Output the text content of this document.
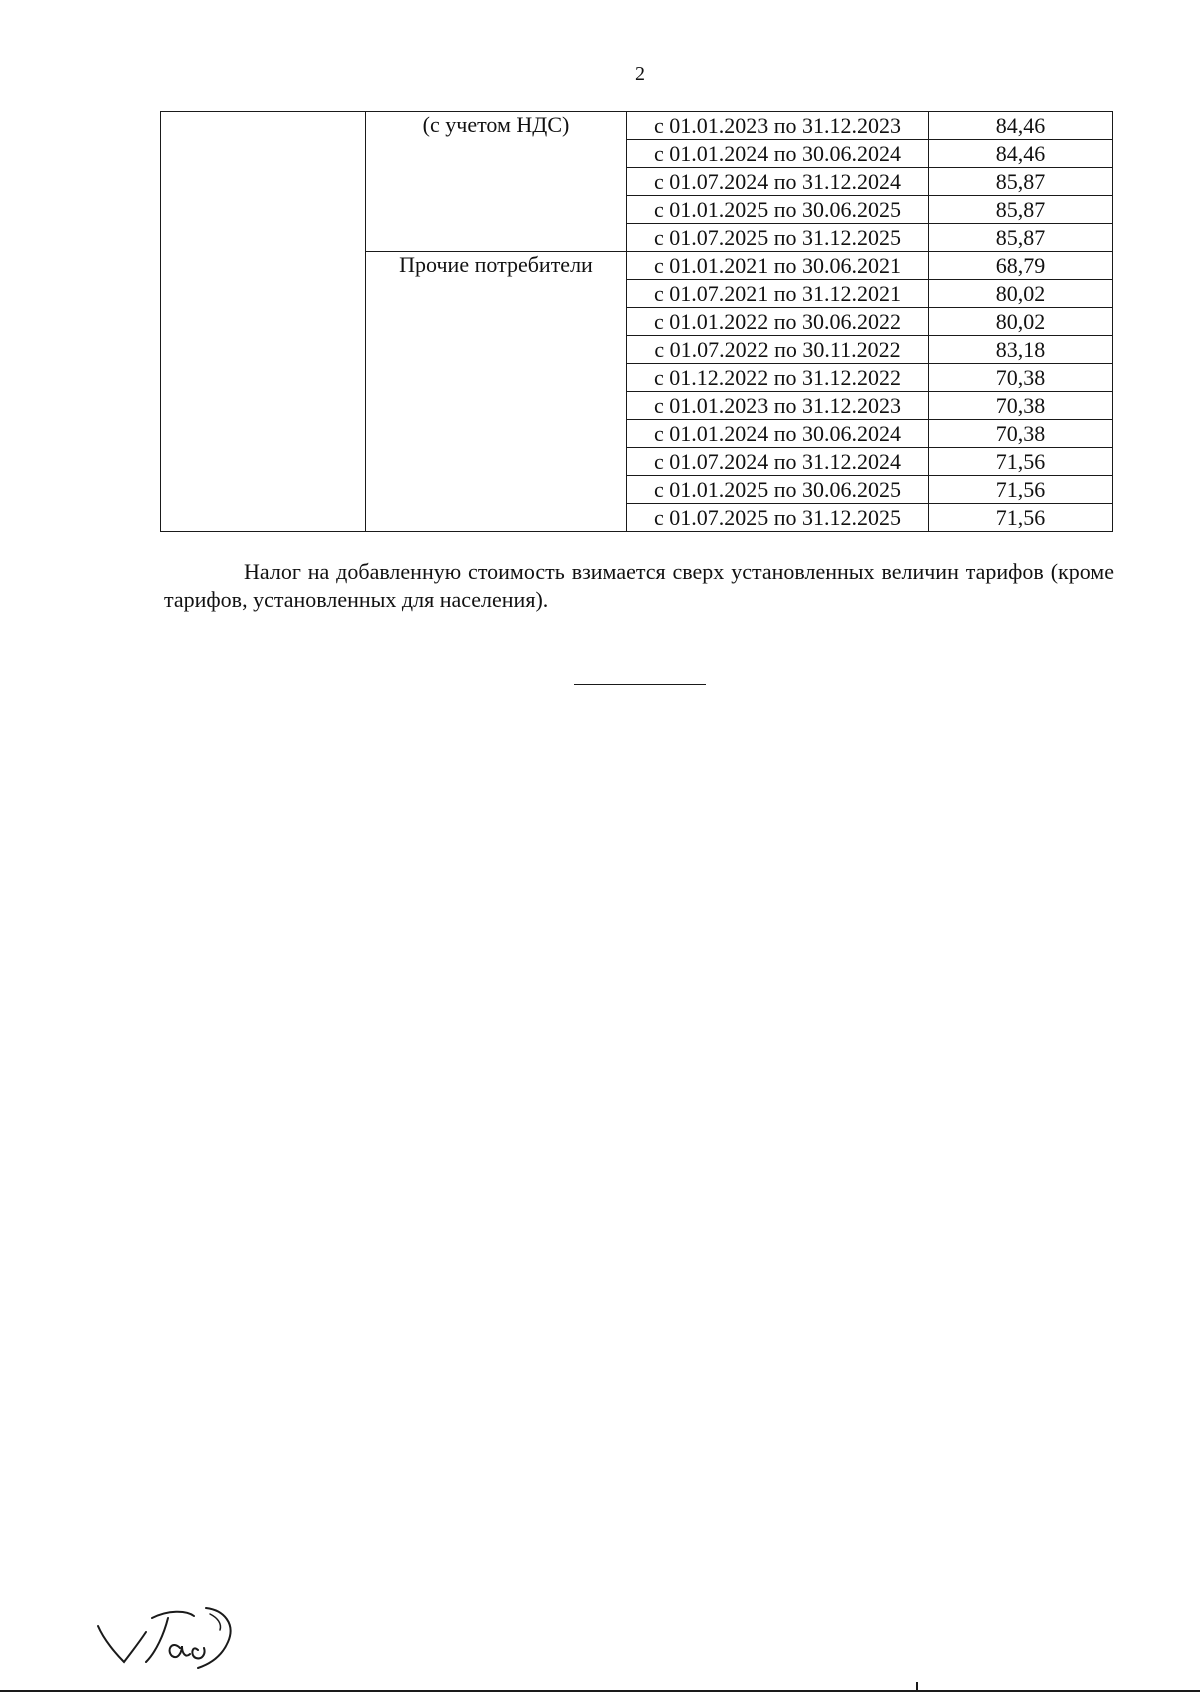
2
	(с учетом НДС)	с 01.01.2023 по 31.12.2023	84,46
		с 01.01.2024 по 30.06.2024	84,46
		с 01.07.2024 по 31.12.2024	85,87
		с 01.01.2025 по 30.06.2025	85,87
		с 01.07.2025 по 31.12.2025	85,87
	Прочие потребители	с 01.01.2021 по 30.06.2021	68,79
		с 01.07.2021 по 31.12.2021	80,02
		с 01.01.2022 по 30.06.2022	80,02
		с 01.07.2022 по 30.11.2022	83,18
		с 01.12.2022 по 31.12.2022	70,38
		с 01.01.2023 по 31.12.2023	70,38
		с 01.01.2024 по 30.06.2024	70,38
		с 01.07.2024 по 31.12.2024	71,56
		с 01.01.2025 по 30.06.2025	71,56
		с 01.07.2025 по 31.12.2025	71,56

Налог на добавленную стоимость взимается сверх установленных величин тарифов (кроме тарифов, установленных для населения).
